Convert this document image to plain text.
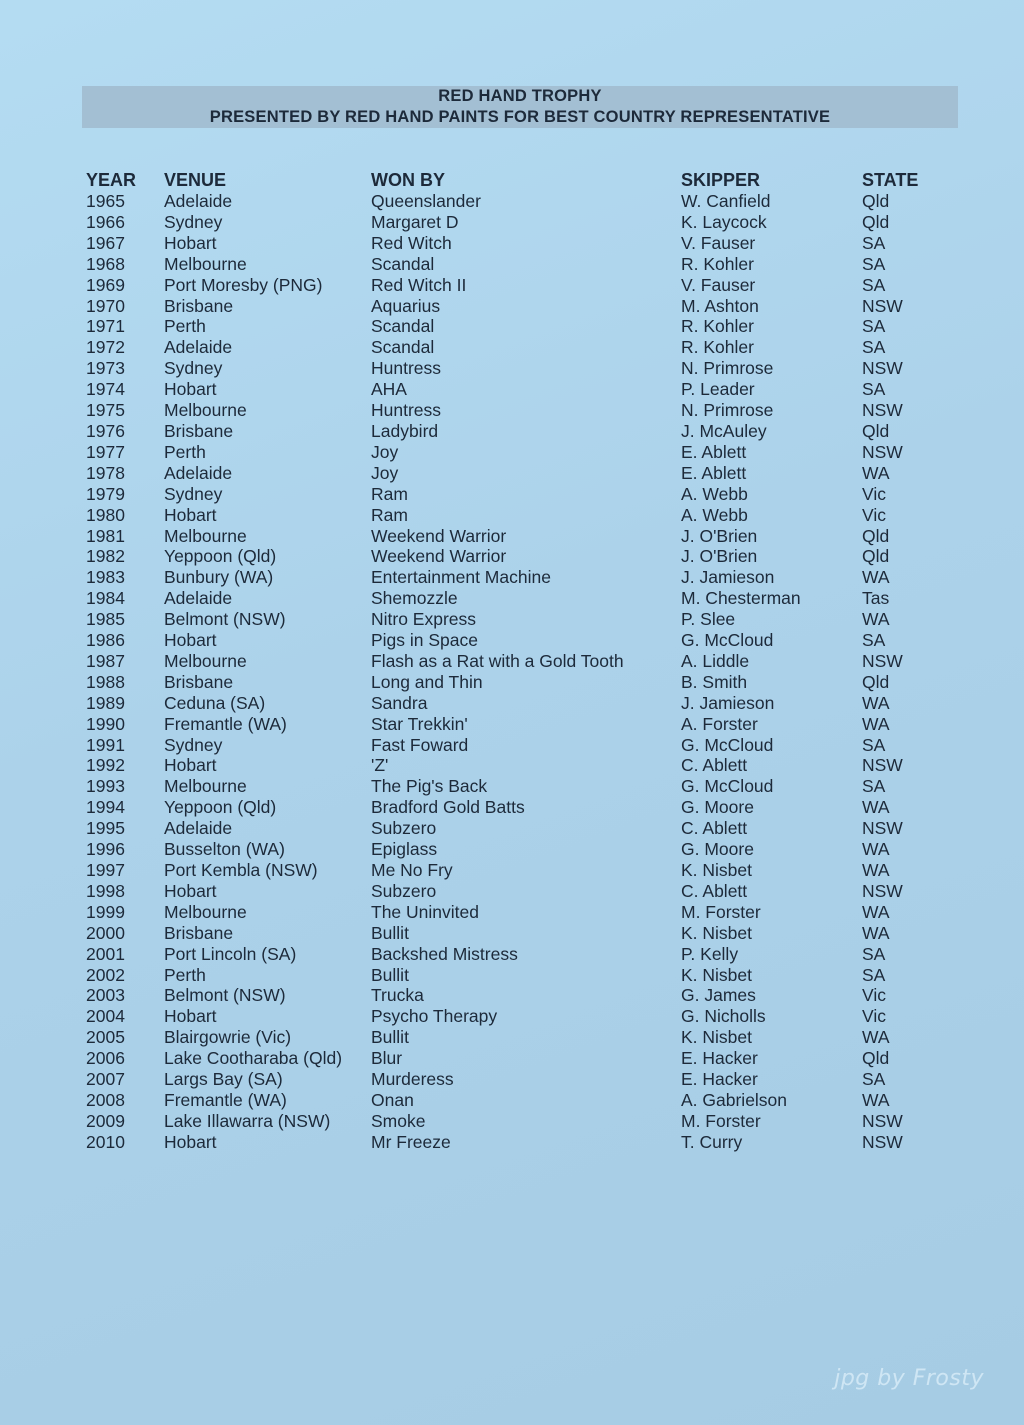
RED HAND TROPHY
PRESENTED BY RED HAND PAINTS FOR BEST COUNTRY REPRESENTATIVE
YEAR	VENUE	WON BY	SKIPPER	STATE
1965	Adelaide	Queenslander	W. Canfield	Qld
1966	Sydney	Margaret D	K. Laycock	Qld
1967	Hobart	Red Witch	V. Fauser	SA
1968	Melbourne	Scandal	R. Kohler	SA
1969	Port Moresby (PNG)	Red Witch II	V. Fauser	SA
1970	Brisbane	Aquarius	M. Ashton	NSW
1971	Perth	Scandal	R. Kohler	SA
1972	Adelaide	Scandal	R. Kohler	SA
1973	Sydney	Huntress	N. Primrose	NSW
1974	Hobart	AHA	P. Leader	SA
1975	Melbourne	Huntress	N. Primrose	NSW
1976	Brisbane	Ladybird	J. McAuley	Qld
1977	Perth	Joy	E. Ablett	NSW
1978	Adelaide	Joy	E. Ablett	WA
1979	Sydney	Ram	A. Webb	Vic
1980	Hobart	Ram	A. Webb	Vic
1981	Melbourne	Weekend Warrior	J. O'Brien	Qld
1982	Yeppoon (Qld)	Weekend Warrior	J. O'Brien	Qld
1983	Bunbury (WA)	Entertainment Machine	J. Jamieson	WA
1984	Adelaide	Shemozzle	M. Chesterman	Tas
1985	Belmont (NSW)	Nitro Express	P. Slee	WA
1986	Hobart	Pigs in Space	G. McCloud	SA
1987	Melbourne	Flash as a Rat with a Gold Tooth	A. Liddle	NSW
1988	Brisbane	Long and Thin	B. Smith	Qld
1989	Ceduna (SA)	Sandra	J. Jamieson	WA
1990	Fremantle (WA)	Star Trekkin'	A. Forster	WA
1991	Sydney	Fast Foward	G. McCloud	SA
1992	Hobart	'Z'	C. Ablett	NSW
1993	Melbourne	The Pig's Back	G. McCloud	SA
1994	Yeppoon (Qld)	Bradford Gold Batts	G. Moore	WA
1995	Adelaide	Subzero	C. Ablett	NSW
1996	Busselton (WA)	Epiglass	G. Moore	WA
1997	Port Kembla (NSW)	Me No Fry	K. Nisbet	WA
1998	Hobart	Subzero	C. Ablett	NSW
1999	Melbourne	The Uninvited	M. Forster	WA
2000	Brisbane	Bullit	K. Nisbet	WA
2001	Port Lincoln (SA)	Backshed Mistress	P. Kelly	SA
2002	Perth	Bullit	K. Nisbet	SA
2003	Belmont (NSW)	Trucka	G. James	Vic
2004	Hobart	Psycho Therapy	G. Nicholls	Vic
2005	Blairgowrie (Vic)	Bullit	K. Nisbet	WA
2006	Lake Cootharaba (Qld)	Blur	E. Hacker	Qld
2007	Largs Bay (SA)	Murderess	E. Hacker	SA
2008	Fremantle (WA)	Onan	A. Gabrielson	WA
2009	Lake Illawarra (NSW)	Smoke	M. Forster	NSW
2010	Hobart	Mr Freeze	T. Curry	NSW
jpg by Frosty
